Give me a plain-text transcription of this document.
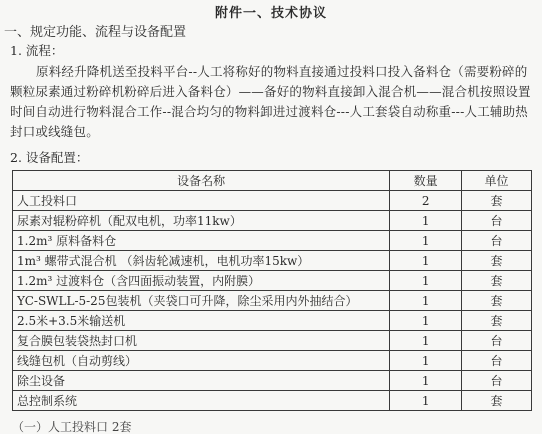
附件一、技术协议
一、规定功能、流程与设备配置
1. 流程：
原料经升降机送至投料平台--人工将称好的物料直接通过投料口投入备料仓（需要粉碎的颗粒尿素通过粉碎机粉碎后进入备料仓）——备好的物料直接卸入混合机——混合机按照设置时间自动进行物料混合工作--混合均匀的物料卸进过渡料仓---人工套袋自动称重---人工辅助热封口或线缝包。
2. 设备配置：
设备名称	数量	单位
人工投料口	2	套
尿素对辊粉碎机（配双电机，功率11kw）	1	台
1.2m³ 原料备料仓	1	台
1m³ 螺带式混合机 （斜齿轮减速机，电机功率15kw）	1	套
1.2m³ 过渡料仓（含四面振动装置，内附膜）	1	套
YC-SWLL-5-25包装机（夹袋口可升降，除尘采用内外抽结合）	1	套
2.5米+3.5米输送机	1	套
复合膜包装袋热封口机	1	台
线缝包机（自动剪线）	1	台
除尘设备	1	台
总控制系统	1	套
（一）人工投料口 2套
